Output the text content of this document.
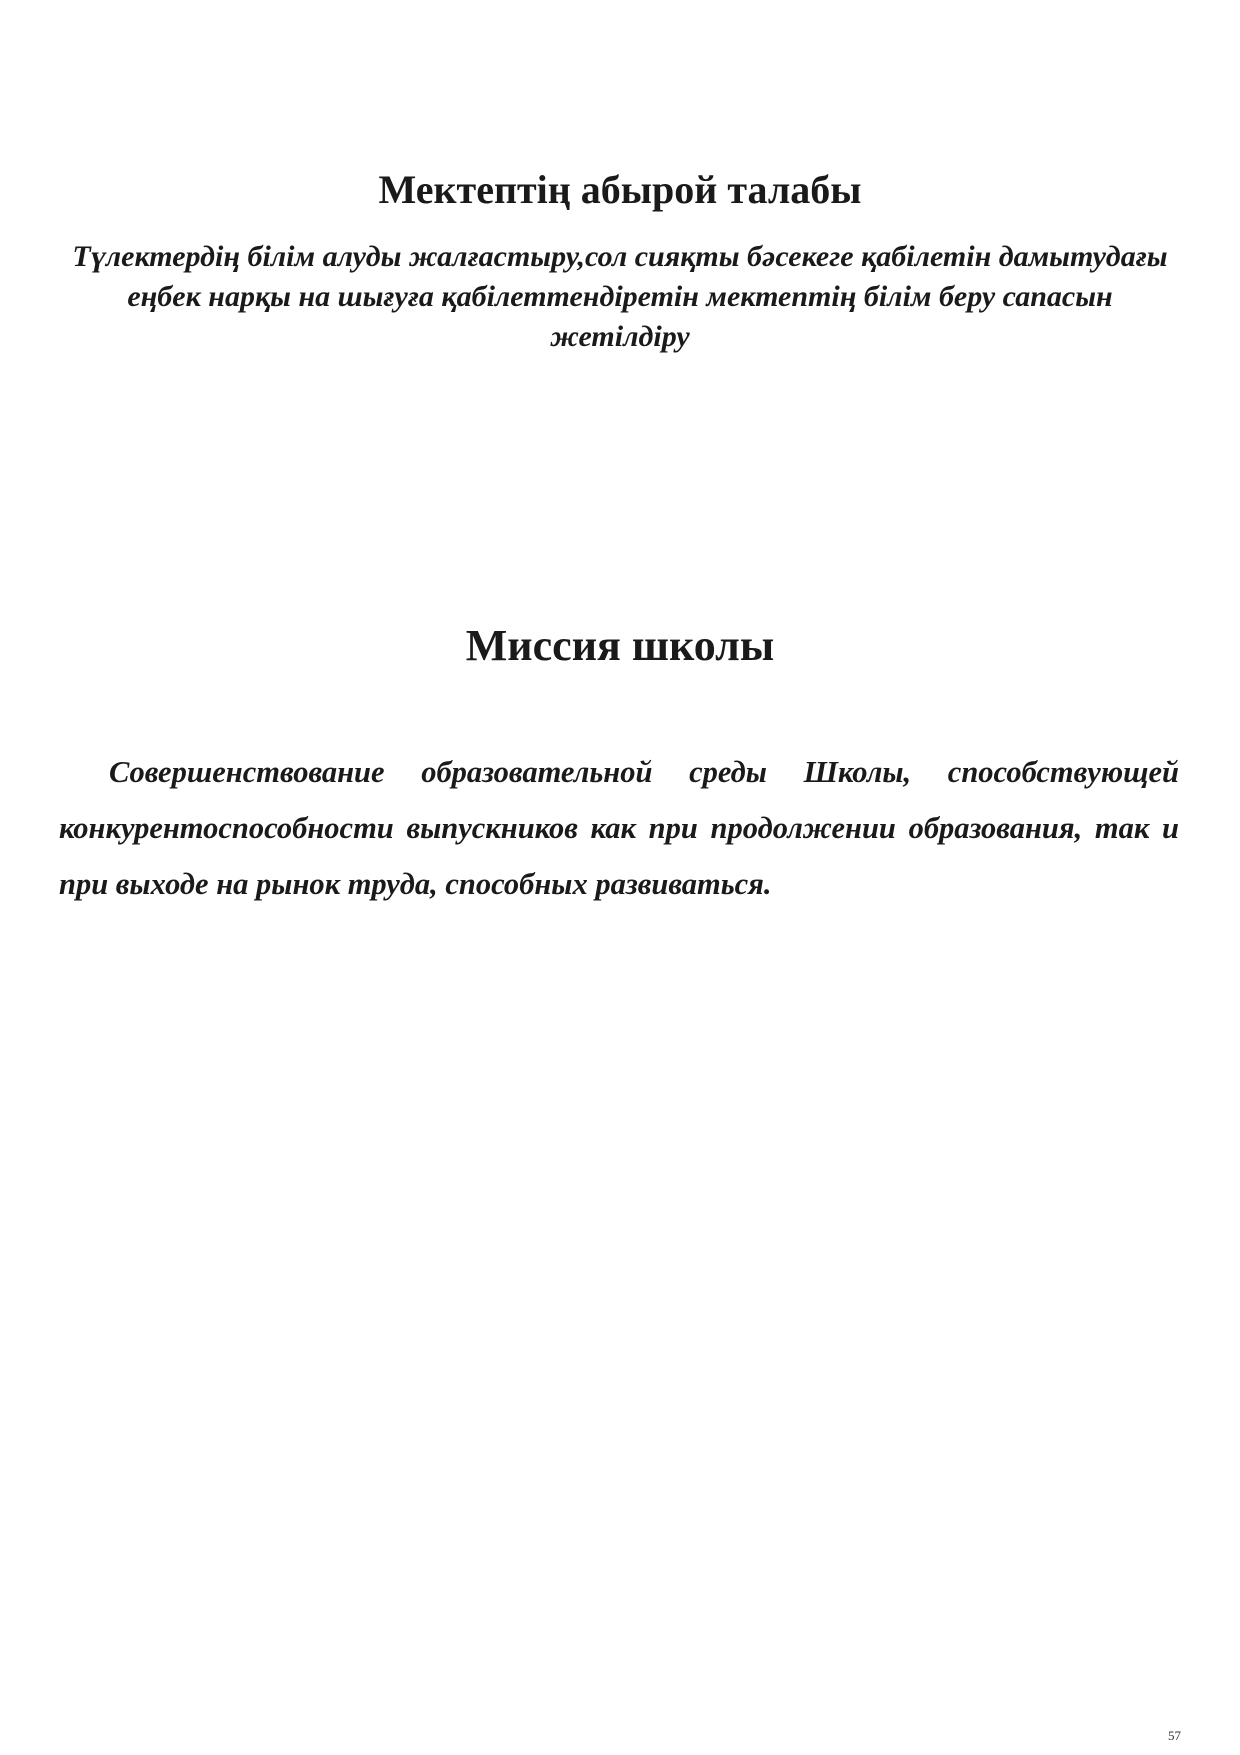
Мектептің абырой талабы

Түлектердің білім алуды жалғастыру,сол сияқты бәсекеге қабілетін дамытудағы еңбек нарқы на шығуға қабілеттендіретін мектептің білім беру сапасын жетілдіру

Миссия школы

Совершенствование образовательной среды Школы, способствующей конкурентоспособности выпускников как при продолжении образования, так и при выходе на рынок труда, способных развиваться.

57
